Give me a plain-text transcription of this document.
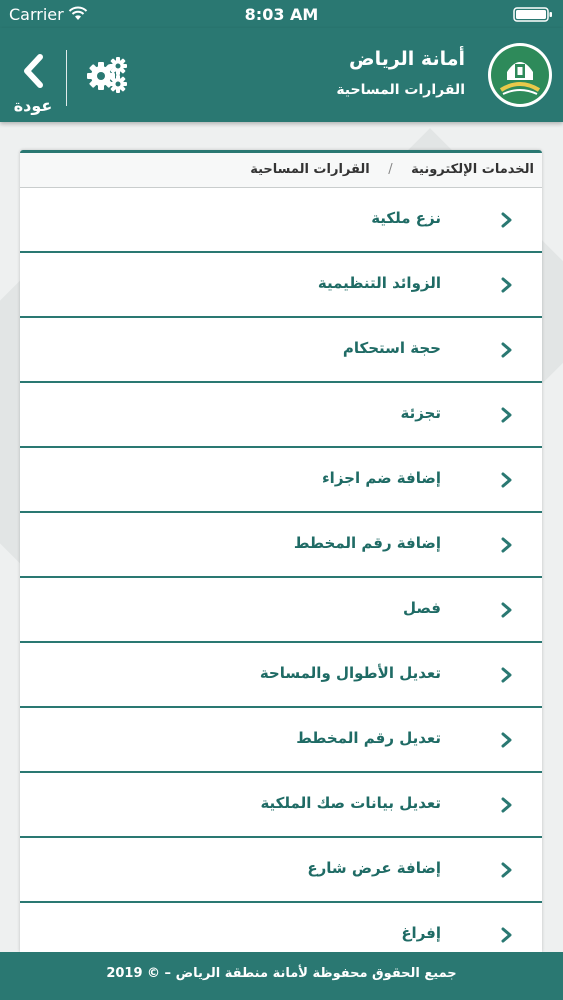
Carrier	8:03 AM
عودة
أمانة الرياض
القرارات المساحية
الخدمات الإلكترونية / القرارات المساحية
نزع ملكية
الزوائد التنظيمية
حجة استحكام
تجزئة
إضافة ضم اجزاء
إضافة رقم المخطط
فصل
تعديل الأطوال والمساحة
تعديل رقم المخطط
تعديل بيانات صك الملكية
إضافة عرض شارع
إفراغ
جميع الحقوق محفوظة لأمانة منطقة الرياض – © 2019
